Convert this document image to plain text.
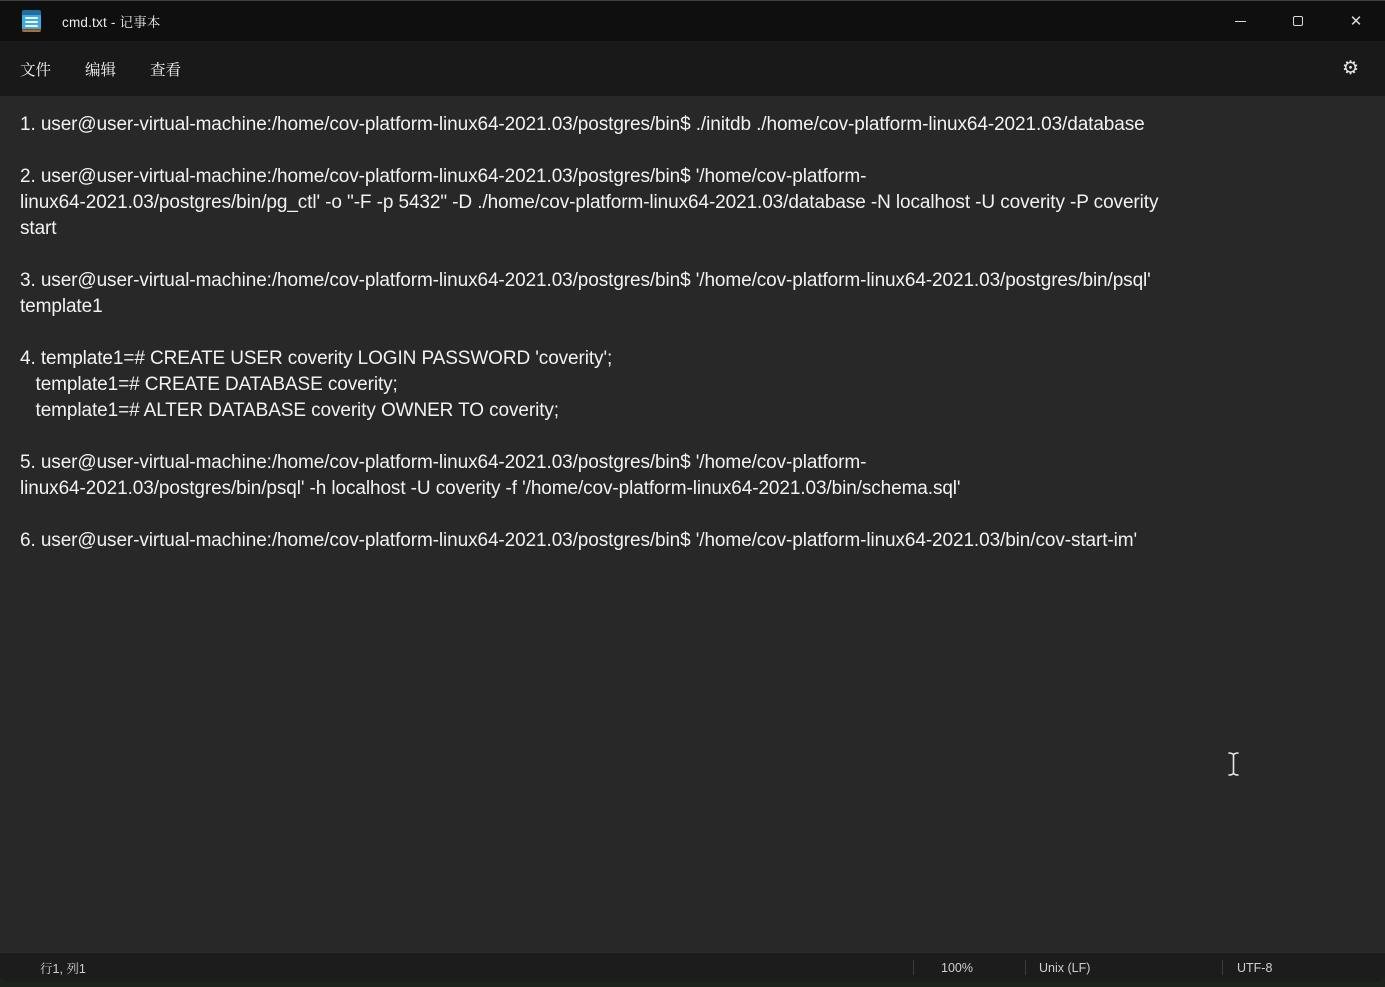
cmd.txt - 记事本	✕
文件	编辑	查看	⚙
1. user@user-virtual-machine:/home/cov-platform-linux64-2021.03/postgres/bin$ ./initdb ./home/cov-platform-linux64-2021.03/database

2. user@user-virtual-machine:/home/cov-platform-linux64-2021.03/postgres/bin$ '/home/cov-platform-
linux64-2021.03/postgres/bin/pg_ctl' -o "-F -p 5432" -D ./home/cov-platform-linux64-2021.03/database -N localhost -U coverity -P coverity
start

3. user@user-virtual-machine:/home/cov-platform-linux64-2021.03/postgres/bin$ '/home/cov-platform-linux64-2021.03/postgres/bin/psql'
template1

4. template1=# CREATE USER coverity LOGIN PASSWORD 'coverity';
template1=# CREATE DATABASE coverity;
template1=# ALTER DATABASE coverity OWNER TO coverity;

5. user@user-virtual-machine:/home/cov-platform-linux64-2021.03/postgres/bin$ '/home/cov-platform-
linux64-2021.03/postgres/bin/psql' -h localhost -U coverity -f '/home/cov-platform-linux64-2021.03/bin/schema.sql'

6. user@user-virtual-machine:/home/cov-platform-linux64-2021.03/postgres/bin$ '/home/cov-platform-linux64-2021.03/bin/cov-start-im'
行1, 列1	100%	Unix (LF)	UTF-8
